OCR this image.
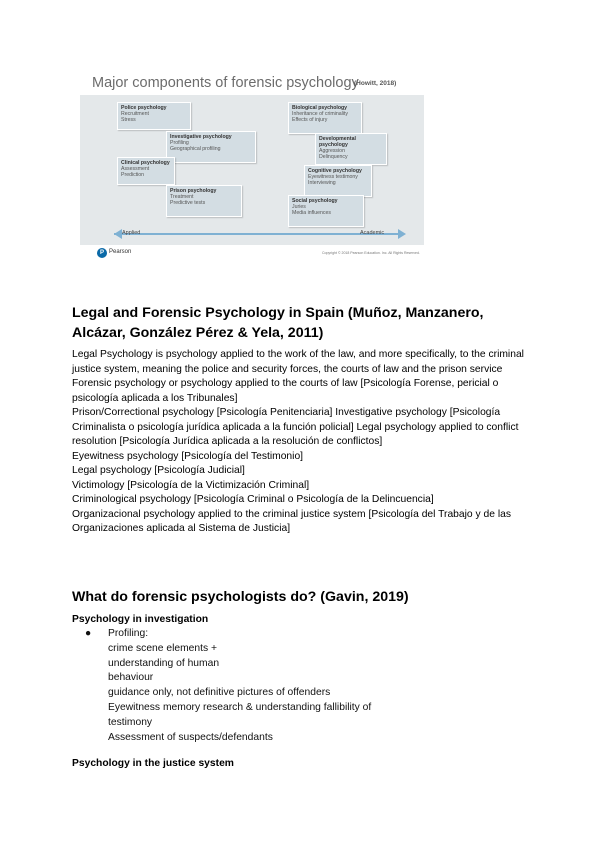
Major components of forensic psychology
(Howitt, 2018)
Police psychology
Recruitment
Stress
Investigative psychology
Profiling
Geographical profiling
Clinical psychology
Assessment
Prediction
Prison psychology
Treatment
Predictive tests
Biological psychology
Inheritance of criminality
Effects of injury
Developmental psychology
Aggression
Delinquency
Cognitive psychology
Eyewitness testimony
Interviewing
Social psychology
Juries
Media influences
Applied	Academic
P Pearson	Copyright © 2018 Pearson Education. Inc. All Rights Reserved.
Legal and Forensic Psychology in Spain (Muñoz, Manzanero, Alcázar, González Pérez & Yela, 2011)

Legal Psychology is psychology applied to the work of the law, and more specifically, to the criminal justice system, meaning the police and security forces, the courts of law and the prison service

Forensic psychology or psychology applied to the courts of law [Psicología Forense, pericial o psicología aplicada a los Tribunales]

Prison/Correctional psychology [Psicología Penitenciaria] Investigative psychology [Psicología Criminalista o psicología jurídica aplicada a la función policial] Legal psychology applied to conflict resolution [Psicología Jurídica aplicada a la resolución de conflictos]

Eyewitness psychology [Psicología del Testimonio]

Legal psychology [Psicología Judicial]

Victimology [Psicología de la Victimización Criminal]

Criminological psychology [Psicología Criminal o Psicología de la Delincuencia]

Organizacional psychology applied to the criminal justice system [Psicología del Trabajo y de las Organizaciones aplicada al Sistema de Justicia]

What do forensic psychologists do? (Gavin, 2019)
Psychology in investigation
● Profiling:
crime scene elements +
understanding of human
behaviour
guidance only, not definitive pictures of offenders
Eyewitness memory research & understanding fallibility of
testimony
Assessment of suspects/defendants
Psychology in the justice system
